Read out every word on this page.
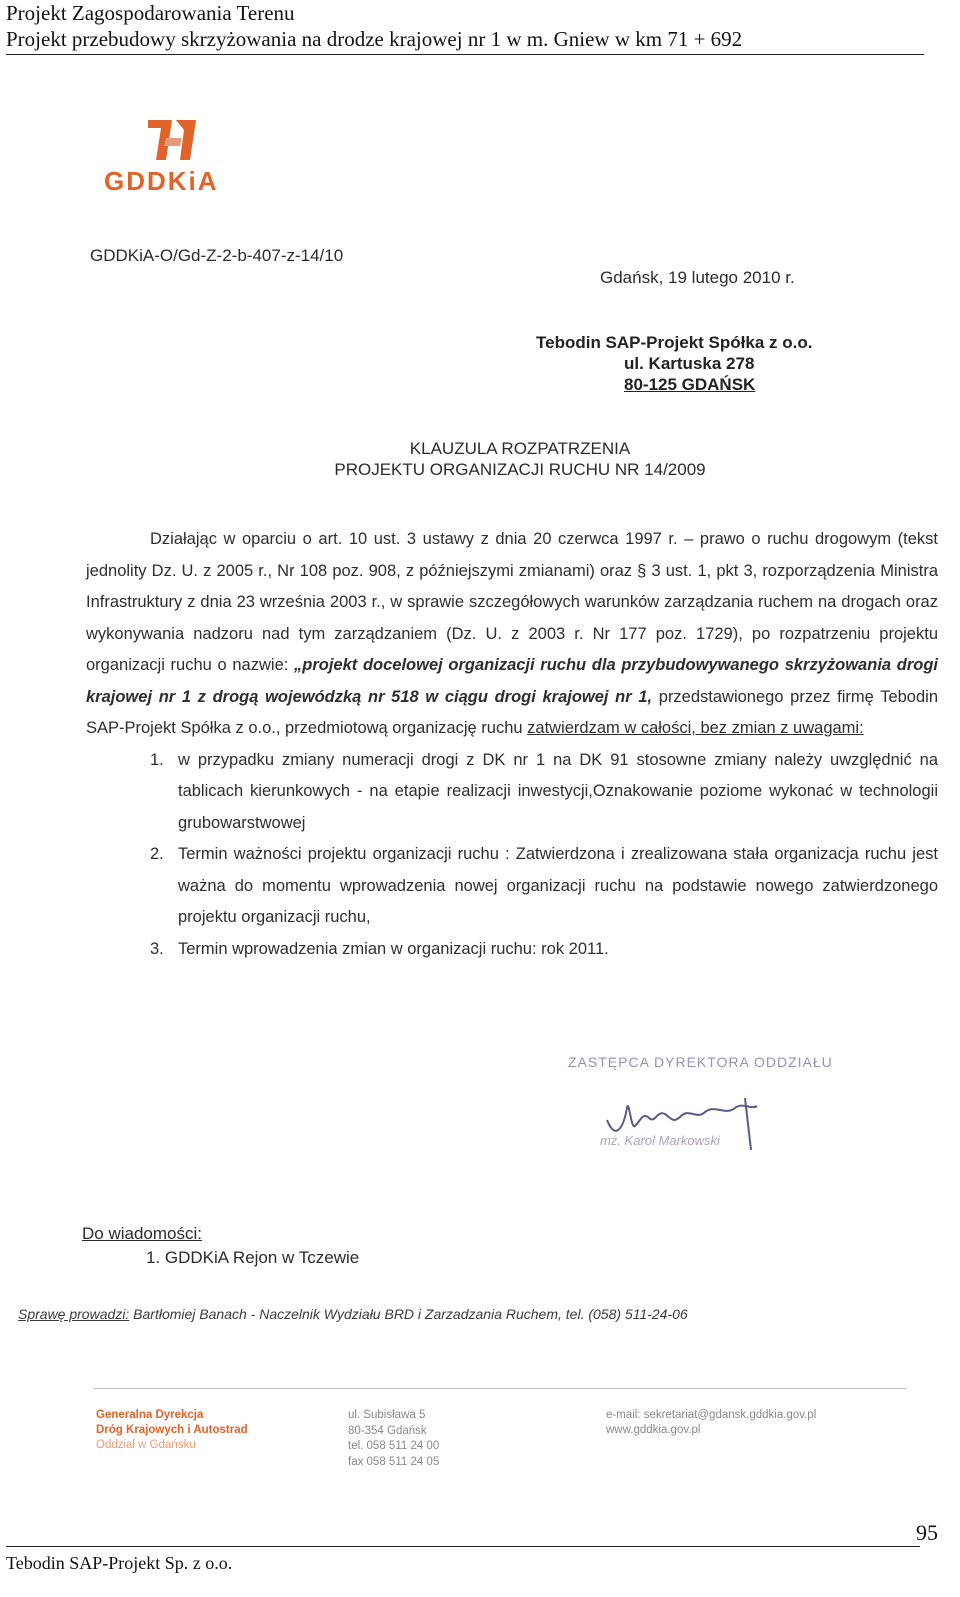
Projekt Zagospodarowania Terenu
Projekt przebudowy skrzyżowania na drodze krajowej nr 1 w m. Gniew w km 71 + 692
GDDKiA
GDDKiA-O/Gd-Z-2-b-407-z-14/10
Gdańsk, 19 lutego 2010 r.
Tebodin SAP-Projekt Spółka z o.o.
ul. Kartuska 278
80-125 GDAŃSK
KLAUZULA ROZPATRZENIA
PROJEKTU ORGANIZACJI RUCHU NR 14/2009
Działając w oparciu o art. 10 ust. 3 ustawy z dnia 20 czerwca 1997 r. – prawo o ruchu drogowym (tekst jednolity Dz. U. z 2005 r., Nr 108 poz. 908, z późniejszymi zmianami) oraz § 3 ust. 1, pkt 3, rozporządzenia Ministra Infrastruktury z dnia 23 września 2003 r., w sprawie szczegółowych warunków zarządzania ruchem na drogach oraz wykonywania nadzoru nad tym zarządzaniem (Dz. U. z 2003 r. Nr 177 poz. 1729), po rozpatrzeniu projektu organizacji ruchu o nazwie: „projekt docelowej organizacji ruchu dla przybudowywanego skrzyżowania drogi krajowej nr 1 z drogą wojewódzką nr 518 w ciągu drogi krajowej nr 1, przedstawionego przez firmę Tebodin SAP-Projekt Spółka z o.o., przedmiotową organizację ruchu zatwierdzam w całości, bez zmian z uwagami:
1. w przypadku zmiany numeracji drogi z DK nr 1 na DK 91 stosowne zmiany należy uwzględnić na tablicach kierunkowych - na etapie realizacji inwestycji,Oznakowanie poziome wykonać w technologii grubowarstwowej
2. Termin ważności projektu organizacji ruchu : Zatwierdzona i zrealizowana stała organizacja ruchu jest ważna do momentu wprowadzenia nowej organizacji ruchu na podstawie nowego zatwierdzonego projektu organizacji ruchu,
3. Termin wprowadzenia zmian w organizacji ruchu: rok 2011.
ZASTĘPCA DYREKTORA ODDZIAŁU
mż. Karol Markowski
Do wiadomości:
1. GDDKiA Rejon w Tczewie
Sprawę prowadzi: Bartłomiej Banach - Naczelnik Wydziału BRD i Zarzadzania Ruchem, tel. (058) 511-24-06
Generalna Dyrekcja
Dróg Krajowych i Autostrad
Oddział w Gdańsku
ul. Subisława 5
80-354 Gdańsk
tel. 058 511 24 00
fax 058 511 24 05
e-mail: sekretariat@gdansk.gddkia.gov.pl
www.gddkia.gov.pl
95
Tebodin SAP-Projekt Sp. z o.o.
